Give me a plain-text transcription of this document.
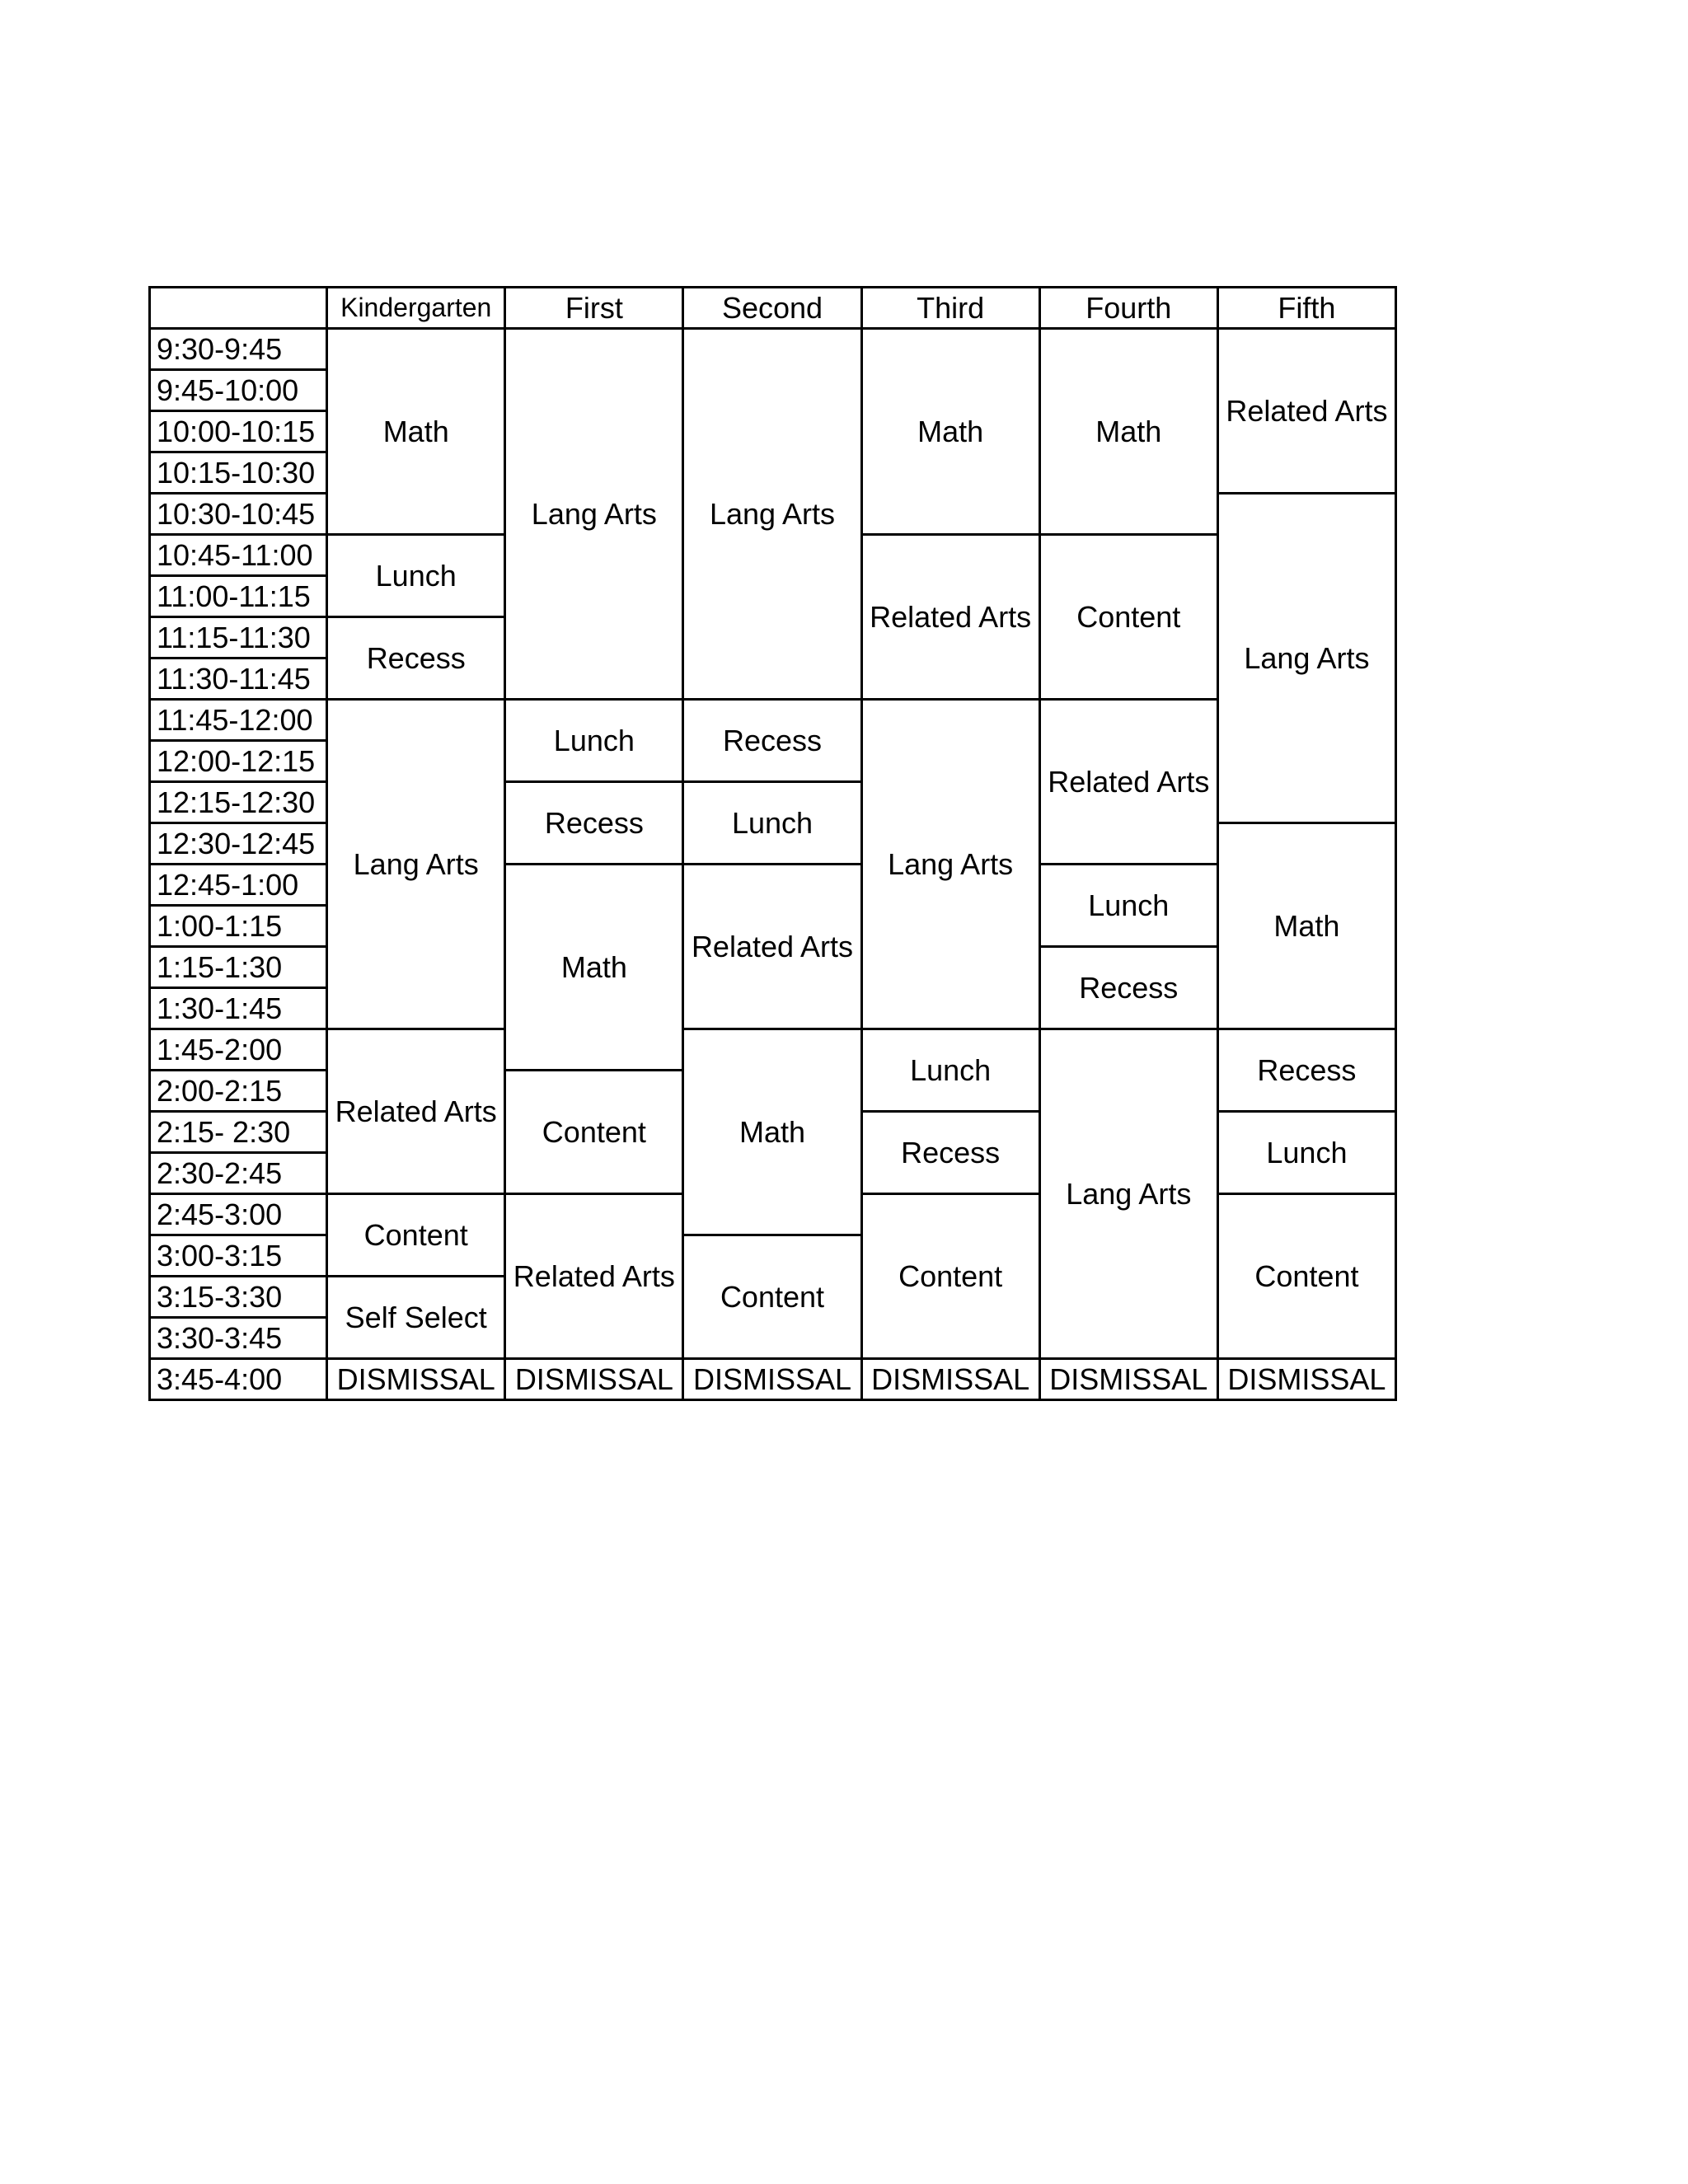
	Kindergarten	First	Second	Third	Fourth	Fifth
9:30-9:45	Math	Lang Arts	Lang Arts	Math	Math	Related Arts
9:45-10:00						
10:00-10:15						
10:15-10:30						
10:30-10:45						Lang Arts
10:45-11:00	Lunch			Related Arts	Content	
11:00-11:15						
11:15-11:30	Recess					
11:30-11:45						
11:45-12:00	Lang Arts	Lunch	Recess	Lang Arts	Related Arts	
12:00-12:15						
12:15-12:30		Recess	Lunch			
12:30-12:45						Math
12:45-1:00		Math	Related Arts		Lunch	
1:00-1:15						
1:15-1:30					Recess	
1:30-1:45						
1:45-2:00	Related Arts		Math	Lunch	Lang Arts	Recess
2:00-2:15		Content				
2:15- 2:30				Recess		Lunch
2:30-2:45						
2:45-3:00	Content	Related Arts		Content		Content
3:00-3:15			Content			
3:15-3:30	Self Select					
3:30-3:45						
3:45-4:00	DISMISSAL	DISMISSAL	DISMISSAL	DISMISSAL	DISMISSAL	DISMISSAL
